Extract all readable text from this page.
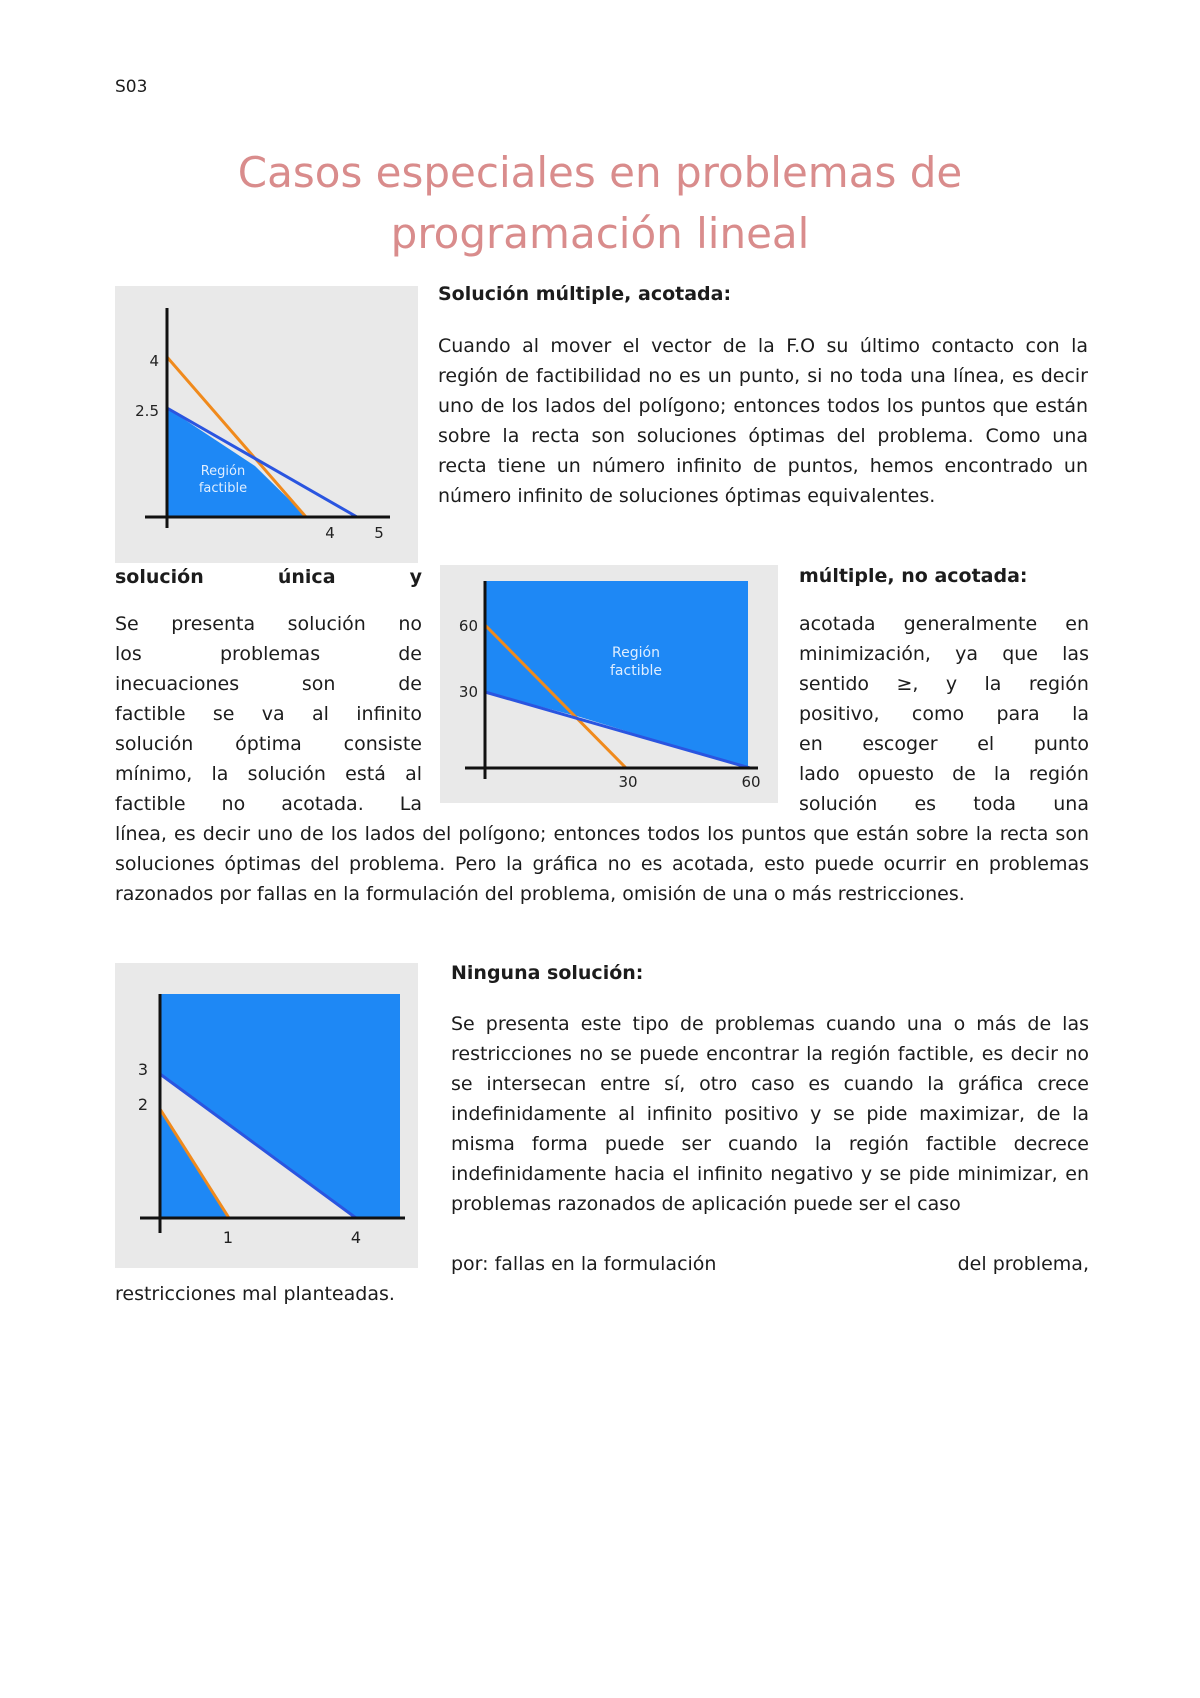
S03
Casos especiales en problemas de
programación lineal
4
2.5
4	5
Región
factible
Solución múltiple, acotada:
Cuando al mover el vector de la F.O su último contacto con la región de factibilidad no es un punto, si no toda una línea, es decir uno de los lados del polígono; entonces todos los puntos que están sobre la recta son soluciones óptimas del problema. Como una recta tiene un número infinito de puntos, hemos encontrado un número infinito de soluciones óptimas equivalentes.
solución	única	y	múltiple, no acotada:
60
30
30	60
Región
factible
Se presenta solución no
los	problemas	de
inecuaciones	son	de
factible se va al infinito
solución óptima consiste
mínimo, la solución está al
factible no acotada. La
acotada generalmente en
minimización, ya que las
sentido ≥, y la región
positivo, como para la
en escoger el punto
lado opuesto de la región
solución es toda una
línea, es decir uno de los lados del polígono; entonces todos los puntos que están sobre la recta son soluciones óptimas del problema. Pero la gráfica no es acotada, esto puede ocurrir en problemas razonados por fallas en la formulación del problema, omisión de una o más restricciones.
3
2
1	4
Ninguna solución:
Se presenta este tipo de problemas cuando una o más de las restricciones no se puede encontrar la región factible, es decir no se intersecan entre sí, otro caso es cuando la gráfica crece indefinidamente al infinito positivo y se pide maximizar, de la misma forma puede ser cuando la región factible decrece indefinidamente hacia el infinito negativo y se pide minimizar, en problemas razonados de aplicación puede ser el caso
por: fallas en la formulación	del problema,
restricciones mal planteadas.
